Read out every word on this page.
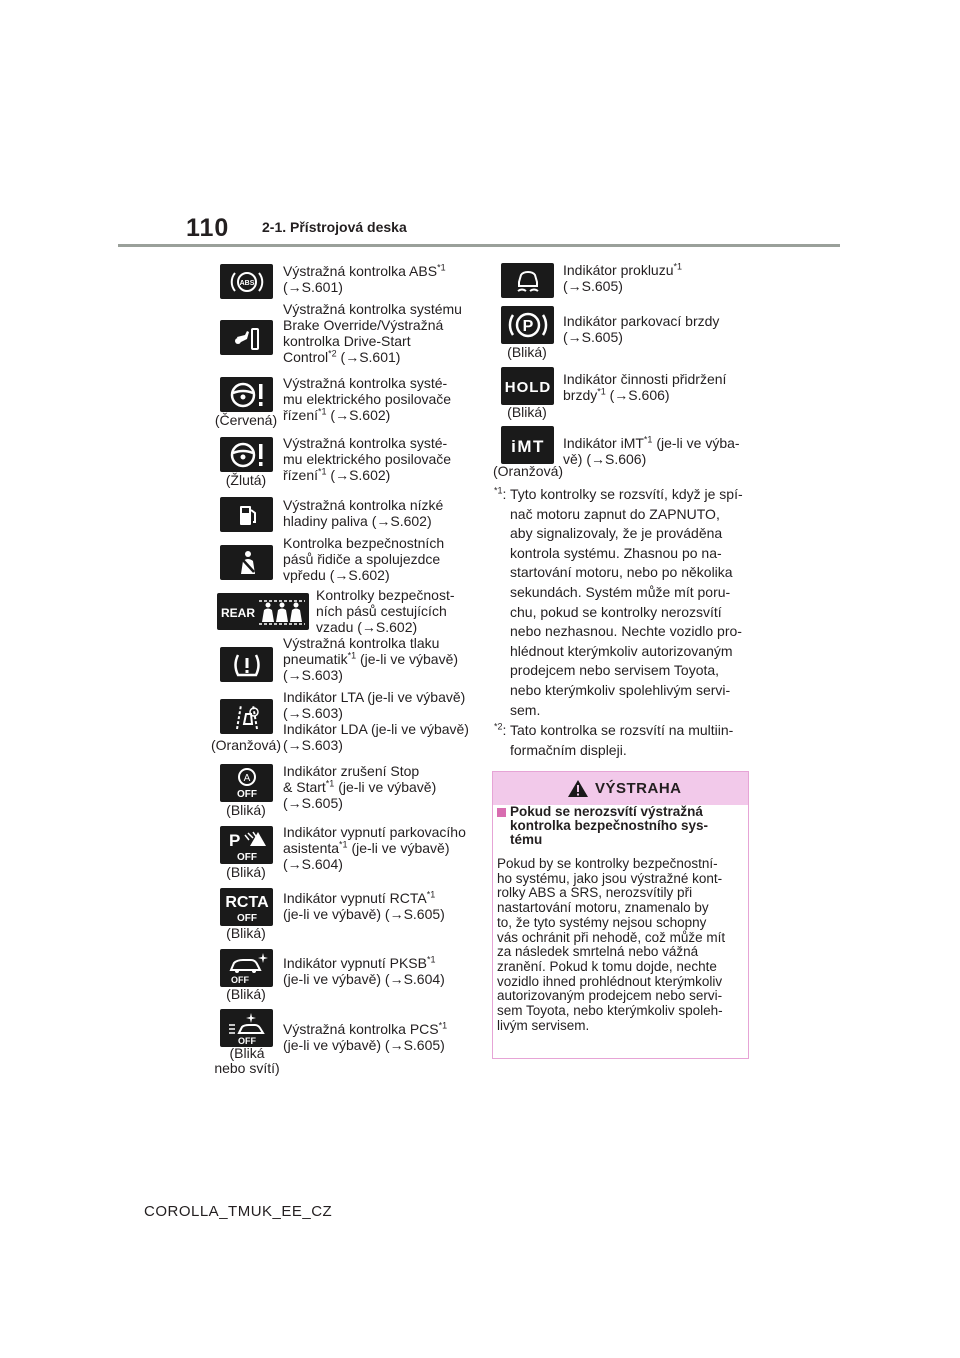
110 2-1. Přístrojová deska
ABS
Výstražná kontrolka ABS$^{*1}$
(→S.601)
Výstražná kontrolka systému
Brake Override/Výstražná
kontrolka Drive-Start
Control$^{*2}$ (→S.601)
(Červená)
Výstražná kontrolka systé-
mu elektrického posilovače
řízení$^{*1}$ (→S.602)
(Žlutá)
Výstražná kontrolka systé-
mu elektrického posilovače
řízení$^{*1}$ (→S.602)
Výstražná kontrolka nízké
hladiny paliva (→S.602)
Kontrolka bezpečnostních
pásů řidiče a spolujezdce
vpředu (→S.602)
REAR
Kontrolky bezpečnost-
ních pásů cestujících
vzadu (→S.602)
Výstražná kontrolka tlaku
pneumatik$^{*1}$ (je-li ve výbavě)
(→S.603)
(Oranžová)
Indikátor LTA (je-li ve výbavě)
(→S.603)
Indikátor LDA (je-li ve výbavě)
(→S.603)
A
OFF
(Bliká)
Indikátor zrušení Stop
& Start$^{*1}$ (je-li ve výbavě)
(→S.605)
P
OFF
(Bliká)
Indikátor vypnutí parkovacího
asistenta$^{*1}$ (je-li ve výbavě)
(→S.604)
RCTA
OFF
(Bliká)
Indikátor vypnutí RCTA$^{*1}$
(je-li ve výbavě) (→S.605)
OFF
(Bliká)
Indikátor vypnutí PKSB$^{*1}$
(je-li ve výbavě) (→S.604)
OFF
(Bliká
nebo svítí)
Výstražná kontrolka PCS$^{*1}$
(je-li ve výbavě) (→S.605)
Indikátor prokluzu$^{*1}$
(→S.605)
P
(Bliká)
Indikátor parkovací brzdy
(→S.605)
HOLD
(Bliká)
Indikátor činnosti přidržení
brzdy$^{*1}$ (→S.606)
iMT
(Oranžová)
Indikátor iMT$^{*1}$ (je-li ve výba-
vě) (→S.606)
$^{*1}$: Tyto kontrolky se rozsvítí, když je spí-
nač motoru zapnut do ZAPNUTO,
aby signalizovaly, že je prováděna
kontrola systému. Zhasnou po na-
startování motoru, nebo po několika
sekundách. Systém může mít poru-
chu, pokud se kontrolky nerozsvítí
nebo nezhasnou. Nechte vozidlo pro-
hlédnout kterýmkoliv autorizovaným
prodejcem nebo servisem Toyota,
nebo kterýmkoliv spolehlivým servi-
sem.
$^{*2}$: Tato kontrolka se rozsvítí na multiin-
formačním displeji.
VÝSTRAHA
Pokud se nerozsvítí výstražná
kontrolka bezpečnostního sys-
tému
Pokud by se kontrolky bezpečnostní-
ho systému, jako jsou výstražné kont-
rolky ABS a SRS, nerozsvítily při
nastartování motoru, znamenalo by
to, že tyto systémy nejsou schopny
vás ochránit při nehodě, což může mít
za následek smrtelná nebo vážná
zranění. Pokud k tomu dojde, nechte
vozidlo ihned prohlédnout kterýmkoliv
autorizovaným prodejcem nebo servi-
sem Toyota, nebo kterýmkoliv spoleh-
livým servisem.
COROLLA_TMUK_EE_CZ
